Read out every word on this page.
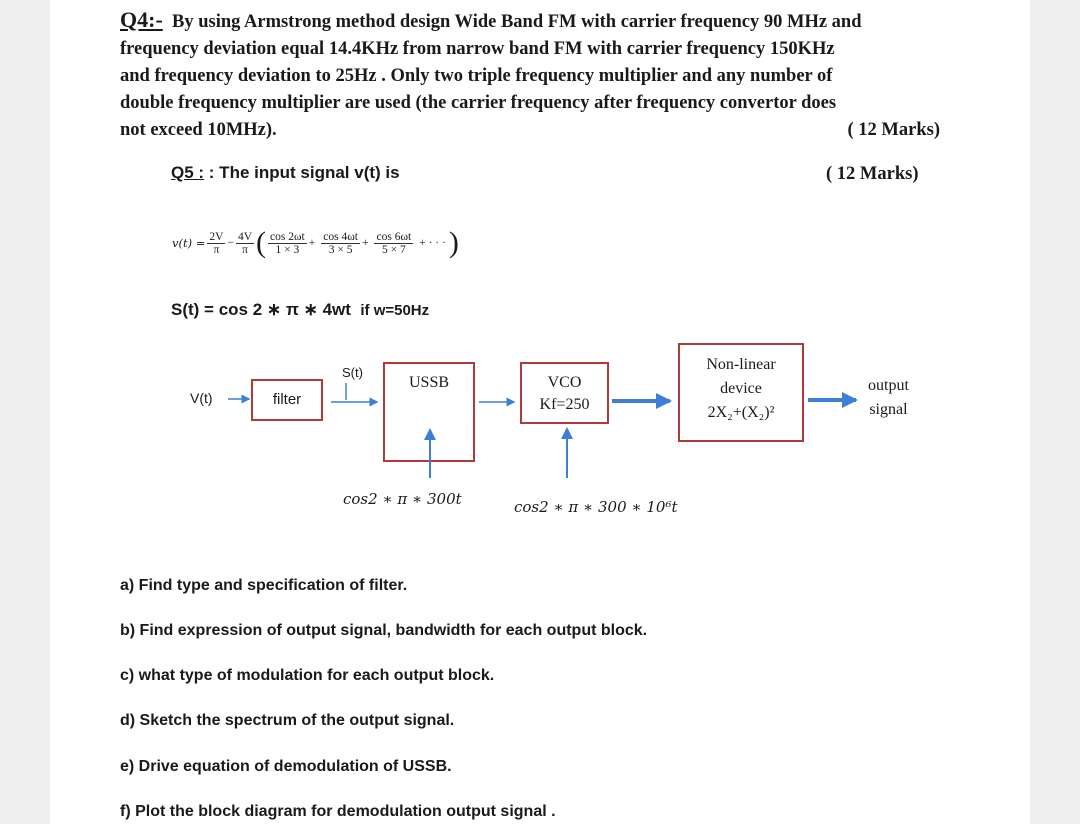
Q4:- By using Armstrong method design Wide Band FM with carrier frequency 90 MHz and
frequency deviation equal 14.4KHz from narrow band FM with carrier frequency 150KHz
and frequency deviation to 25Hz . Only two triple frequency multiplier and any number of
double frequency multiplier are used (the carrier frequency after frequency convertor does
not exceed 10MHz).	( 12 Marks)
Q5 : : The input signal v(t) is	( 12 Marks)
$v(t) = \frac{2V}{\pi} - \frac{4V}{\pi}$ ( $\frac{\cos 2\omega t}{1 \times 3} + \frac{\cos 4\omega t}{3 \times 5} + \frac{\cos 6\omega t}{5 \times 7}$ + · · · )
S(t) = cos 2 ∗ π ∗ 4wt if w=50Hz
V(t)	filter
S(t)
USSB	VCO
Kf=250
Non-linear
device
2X₂+(X₂)²
output
signal
cos2 ∗ π ∗ 300t	cos2 ∗ π ∗ 300 ∗ 10⁶t
a) Find type and specification of filter.
b) Find expression of output signal, bandwidth for each output block.
c) what type of modulation for each output block.
d) Sketch the spectrum of the output signal.
e) Drive equation of demodulation of USSB.
f) Plot the block diagram for demodulation output signal .
